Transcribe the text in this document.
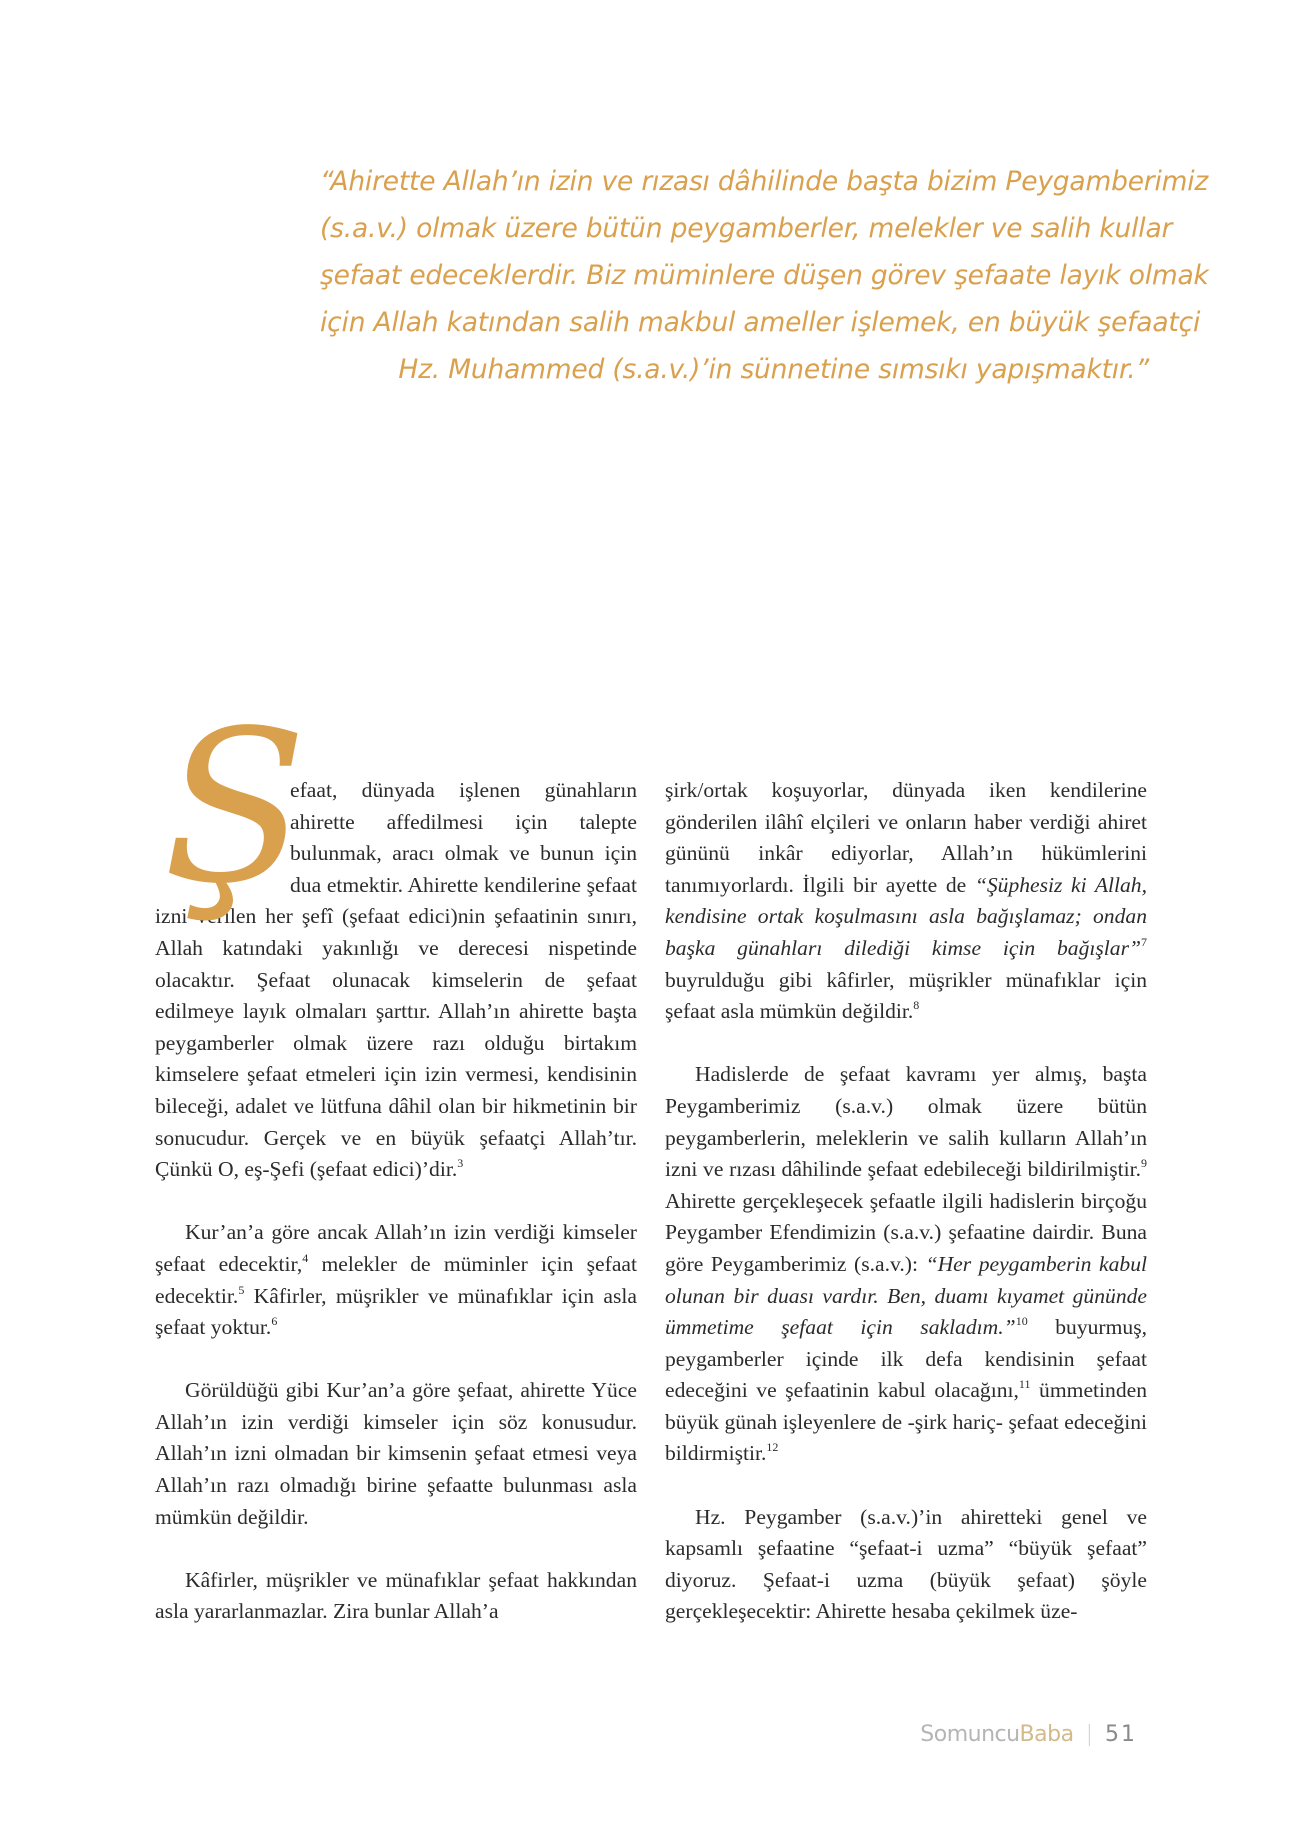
“Ahirette Allah’ın izin ve rızası dâhilinde başta bizim Peygamberimiz
(s.a.v.) olmak üzere bütün peygamberler, melekler ve salih kullar
şefaat edeceklerdir. Biz müminlere düşen görev şefaate layık olmak
için Allah katından salih makbul ameller işlemek, en büyük şefaatçi
Hz. Muhammed (s.a.v.)’in sünnetine sımsıkı yapışmaktır.”

Ş
efaat, dünyada işlenen günahların ahirette affedilmesi için talepte bulunmak, aracı olmak ve bunun için dua etmektir. Ahirette kendilerine şefaat izni verilen her şefî (şefaat edici)nin şefaatinin sınırı, Allah katındaki yakınlığı ve derecesi nispetinde olacaktır. Şefaat olunacak kimselerin de şefaat edilmeye layık olmaları şarttır. Allah’ın ahirette başta peygamberler olmak üzere razı olduğu birtakım kimselere şefaat etmeleri için izin vermesi, kendisinin bileceği, adalet ve lütfuna dâhil olan bir hikmetinin bir sonucudur. Gerçek ve en büyük şefaatçi Allah’tır. Çünkü O, eş-Şefi (şefaat edici)’dir.$^3$

Kur’an’a göre ancak Allah’ın izin verdiği kimseler şefaat edecektir,$^4$ melekler de müminler için şefaat edecektir.$^5$ Kâfirler, müşrikler ve münafıklar için asla şefaat yoktur.$^6$

Görüldüğü gibi Kur’an’a göre şefaat, ahirette Yüce Allah’ın izin verdiği kimseler için söz konusudur. Allah’ın izni olmadan bir kimsenin şefaat etmesi veya Allah’ın razı olmadığı birine şefaatte bulunması asla mümkün değildir.

Kâfirler, müşrikler ve münafıklar şefaat hakkından asla yararlanmazlar. Zira bunlar Allah’a

şirk/ortak koşuyorlar, dünyada iken kendilerine gönderilen ilâhî elçileri ve onların haber verdiği ahiret gününü inkâr ediyorlar, Allah’ın hükümlerini tanımıyorlardı. İlgili bir ayette de “Şüphesiz ki Allah, kendisine ortak koşulmasını asla bağışlamaz; ondan başka günahları dilediği kimse için bağışlar”$^7$ buyrulduğu gibi kâfirler, müşrikler münafıklar için şefaat asla mümkün değildir.$^8$

Hadislerde de şefaat kavramı yer almış, başta Peygamberimiz (s.a.v.) olmak üzere bütün peygamberlerin, meleklerin ve salih kulların Allah’ın izni ve rızası dâhilinde şefaat edebileceği bildirilmiştir.$^9$ Ahirette gerçekleşecek şefaatle ilgili hadislerin birçoğu Peygamber Efendimizin (s.a.v.) şefaatine dairdir. Buna göre Peygamberimiz (s.a.v.): “Her peygamberin kabul olunan bir duası vardır. Ben, duamı kıyamet gününde ümmetime şefaat için sakladım.”$^{10}$ buyurmuş, peygamberler içinde ilk defa kendisinin şefaat edeceğini ve şefaatinin kabul olacağını,$^{11}$ ümmetinden büyük günah işleyenlere de -şirk hariç- şefaat edeceğini bildirmiştir.$^{12}$

Hz. Peygamber (s.a.v.)’in ahiretteki genel ve kapsamlı şefaatine “şefaat-i uzma” “büyük şefaat” diyoruz. Şefaat-i uzma (büyük şefaat) şöyle gerçekleşecektir: Ahirette hesaba çekilmek üze-

SomuncuBaba | 51
